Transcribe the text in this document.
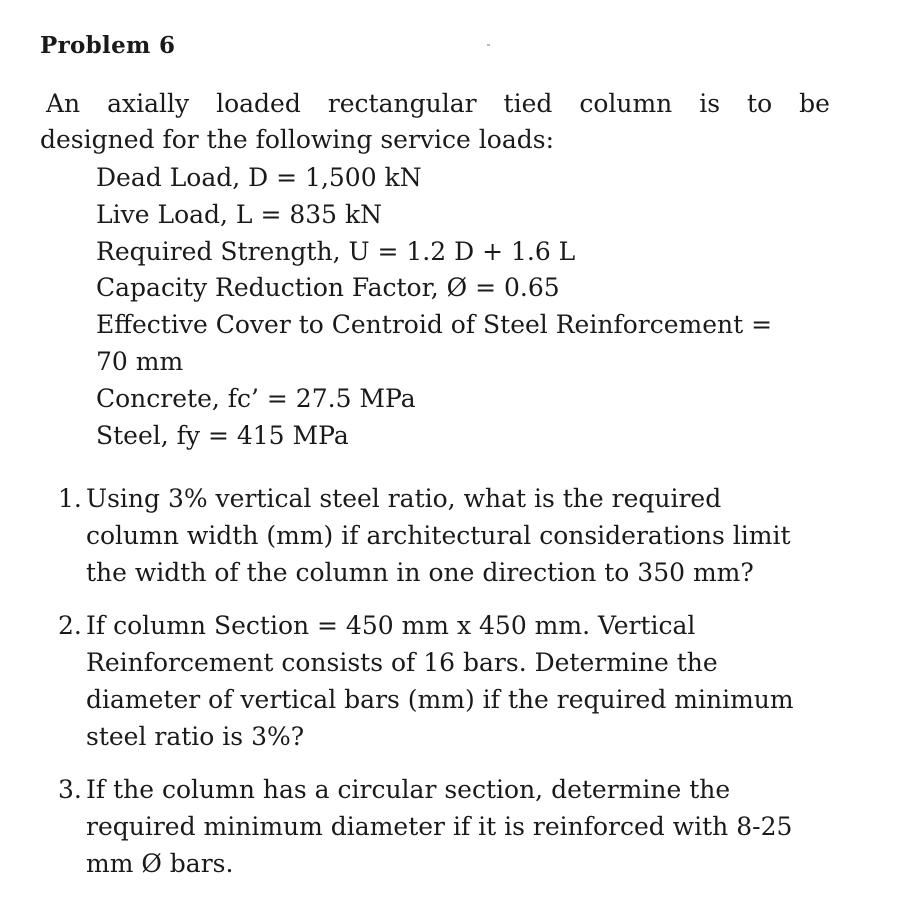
Problem 6
An axially loaded rectangular tied column is to be
designed for the following service loads:
Dead Load, D = 1,500 kN
Live Load, L = 835 kN
Required Strength, U = 1.2 D + 1.6 L
Capacity Reduction Factor, Ø = 0.65
Effective Cover to Centroid of Steel Reinforcement =
70 mm
Concrete, fc’ = 27.5 MPa
Steel, fy = 415 MPa
1. Using 3% vertical steel ratio, what is the required column width (mm) if architectural considerations limit the width of the column in one direction to 350 mm?
2. If column Section = 450 mm x 450 mm. Vertical Reinforcement consists of 16 bars. Determine the diameter of vertical bars (mm) if the required minimum steel ratio is 3%?
3. If the column has a circular section, determine the required minimum diameter if it is reinforced with 8-25 mm Ø bars.
